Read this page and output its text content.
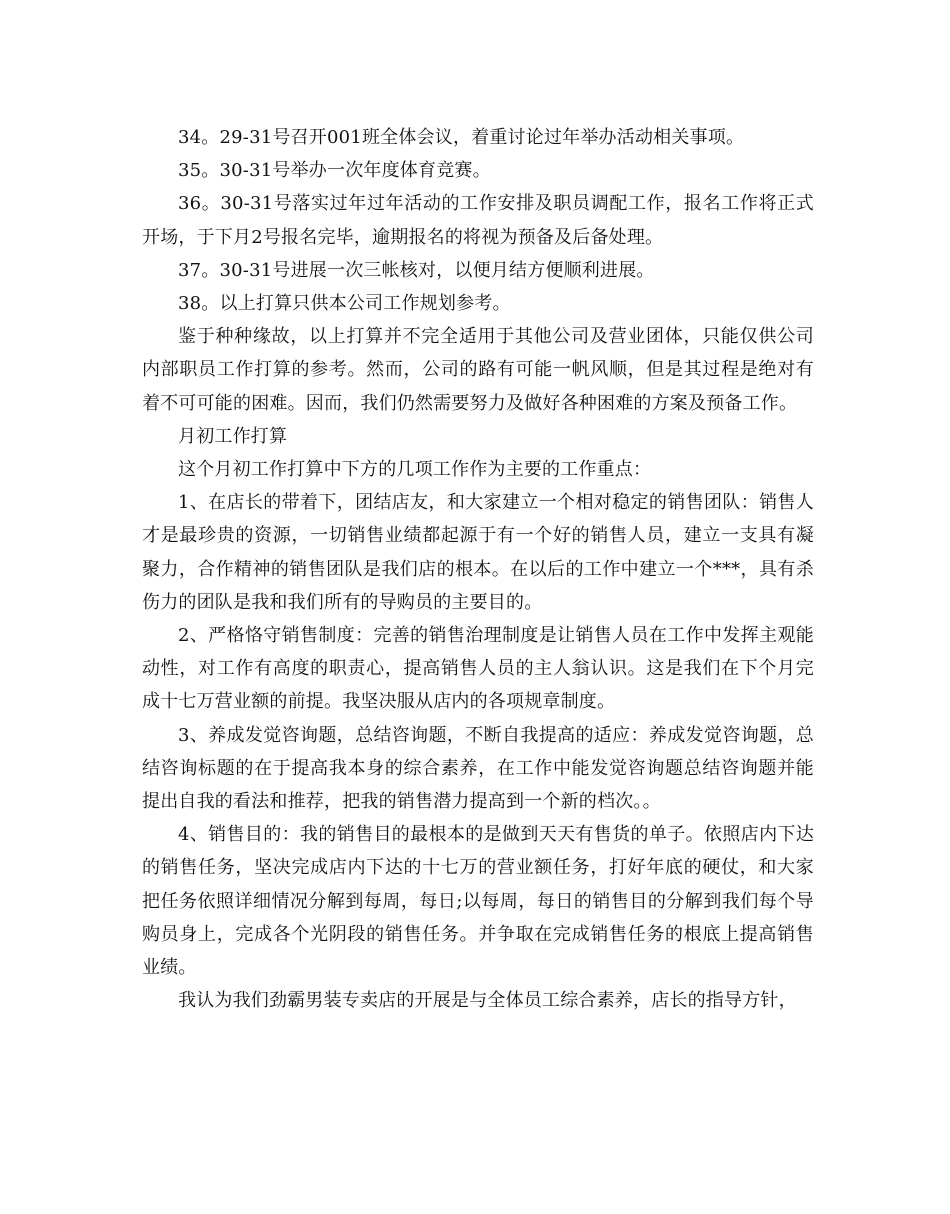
34。29-31号召开001班全体会议，着重讨论过年举办活动相关事项。

35。30-31号举办一次年度体育竞赛。

36。30-31号落实过年过年活动的工作安排及职员调配工作，报名工作将正式开场，于下月2号报名完毕，逾期报名的将视为预备及后备处理。

37。30-31号进展一次三帐核对，以便月结方便顺利进展。

38。以上打算只供本公司工作规划参考。

鉴于种种缘故，以上打算并不完全适用于其他公司及营业团体，只能仅供公司内部职员工作打算的参考。然而，公司的路有可能一帆风顺，但是其过程是绝对有着不可可能的困难。因而，我们仍然需要努力及做好各种困难的方案及预备工作。

月初工作打算

这个月初工作打算中下方的几项工作作为主要的工作重点：

1、在店长的带着下，团结店友，和大家建立一个相对稳定的销售团队：销售人才是最珍贵的资源，一切销售业绩都起源于有一个好的销售人员，建立一支具有凝聚力，合作精神的销售团队是我们店的根本。在以后的工作中建立一个***，具有杀伤力的团队是我和我们所有的导购员的主要目的。

2、严格恪守销售制度：完善的销售治理制度是让销售人员在工作中发挥主观能动性，对工作有高度的职责心，提高销售人员的主人翁认识。这是我们在下个月完成十七万营业额的前提。我坚决服从店内的各项规章制度。

3、养成发觉咨询题，总结咨询题，不断自我提高的适应：养成发觉咨询题，总结咨询标题的在于提高我本身的综合素养，在工作中能发觉咨询题总结咨询题并能提出自我的看法和推荐，把我的销售潜力提高到一个新的档次。。

4、销售目的：我的销售目的最根本的是做到天天有售货的单子。依照店内下达的销售任务，坚决完成店内下达的十七万的营业额任务，打好年底的硬仗，和大家把任务依照详细情况分解到每周，每日;以每周，每日的销售目的分解到我们每个导购员身上，完成各个光阴段的销售任务。并争取在完成销售任务的根底上提高销售业绩。

我认为我们劲霸男装专卖店的开展是与全体员工综合素养，店长的指导方针，
